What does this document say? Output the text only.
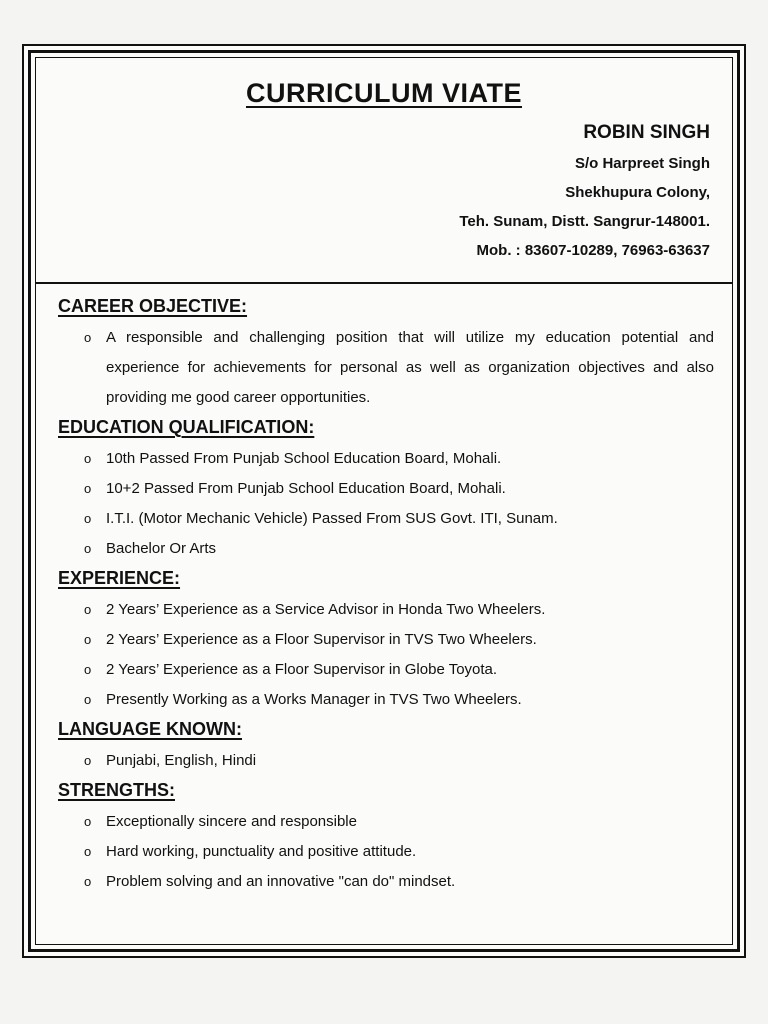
CURRICULUM VIATE
ROBIN SINGH
S/o Harpreet Singh
Shekhupura Colony,
Teh. Sunam, Distt. Sangrur-148001.
Mob. : 83607-10289, 76963-63637
CAREER OBJECTIVE:
o A responsible and challenging position that will utilize my education potential and experience for achievements for personal as well as organization objectives and also providing me good career opportunities.
EDUCATION QUALIFICATION:
o 10th Passed From Punjab School Education Board, Mohali.
o 10+2 Passed From Punjab School Education Board, Mohali.
o I.T.I. (Motor Mechanic Vehicle) Passed From SUS Govt. ITI, Sunam.
o Bachelor Or Arts
EXPERIENCE:
o 2 Years’ Experience as a Service Advisor in Honda Two Wheelers.
o 2 Years’ Experience as a Floor Supervisor in TVS Two Wheelers.
o 2 Years’ Experience as a Floor Supervisor in Globe Toyota.
o Presently Working as a Works Manager in TVS Two Wheelers.
LANGUAGE KNOWN:
o Punjabi, English, Hindi
STRENGTHS:
o Exceptionally sincere and responsible
o Hard working, punctuality and positive attitude.
o Problem solving and an innovative "can do" mindset.
